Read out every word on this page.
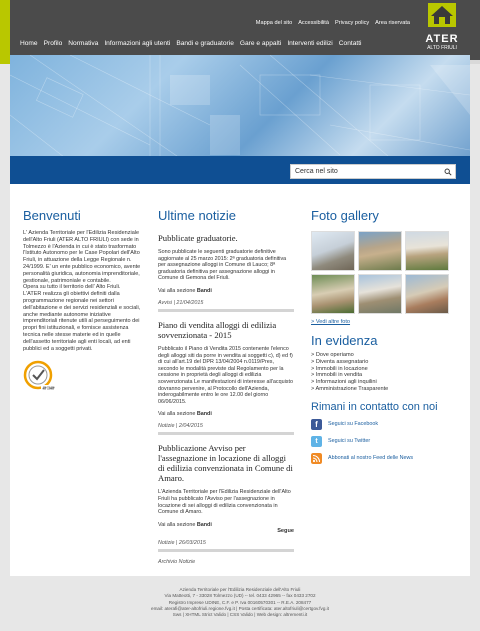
Mappa del sito Accessibilità Privacy policy Area riservata
Home Profilo Normativa Informazioni agli utenti Bandi e graduatorie Gare e appalti Interventi edilizi Contatti	ATER
ALTO FRIULI
Cerca nel sito
Benvenuti

L' Azienda Territoriale per l'Edilizia Residenziale dell'Alto Friuli (ATER ALTO FRIULI) con sede in Tolmezzo è l'Azienda in cui è stato trasformato l'Istituto Autonomo per le Case Popolari dell'Alto Friuli, in attuazione della Legge Regionale n. 24/1999. E' un ente pubblico economico, avente personalità giuridica, autonomia imprenditoriale, gestionale, patrimoniale e contabile.

Opera su tutto il territorio dell' Alto Friuli.

L'ATER realizza gli obiettivi definiti dalla programmazione regionale nei settori dell'abitazione e dei servizi residenziali e sociali, anche mediante autonome iniziative imprenditoriali ritenute utili al perseguimento dei propri fini istituzionali, e fornisce assistenza tecnica nelle stesse materie ed in quelle dell'assetto territoriale agli enti locali, ad enti pubblici ed a soggetti privati.

Ultime notizie
Pubblicate graduatorie.
Sono pubblicate le seguenti graduatorie definitive aggiornate al 25 marzo 2015: 2ª graduatoria definitiva per assegnazione alloggi in Comune di Lauco; 8ª graduatoria definitiva per assegnazione alloggi in Comune di Gemona del Friuli.
Vai alla sezione Bandi
Avvisi | 21/04/2015
Piano di vendita alloggi di edilizia sovvenzionata - 2015
Pubblicato il Piano di Vendita 2015 contenente l'elenco degli alloggi siti da porre in vendita ai soggetti c), d) ed f) di cui all'art.19 del DPR 13/04/2004 n.0119/Pres, secondo le modalità previste dal Regolamento per la cessione in proprietà degli alloggi di edilizia sovvenzionata Le manifestazioni di interesse all'acquisto dovranno pervenire, al Protocollo dell'Azienda, inderogabilmente entro le ore 12.00 del giorno 06/06/2015.
Vai alla sezione Bandi
Notizie | 2/04/2015
Pubblicazione Avviso per l'assegnazione in locazione di alloggi di edilizia convenzionata in Comune di Amaro.
L'Azienda Territoriale per l'Edilizia Residenziale dell'Alto Friuli ha pubblicato l'Avviso per l'assegnazione in locazione di sei alloggi di edilizia convenzionata in Comune di Amaro.
Vai alla sezione Bandi
Segue
Notizie | 26/03/2015
Archivio Notizie
Foto gallery
> Vedi altre foto
In evidenza
> Dove operiamo
> Diventa assegnatario
> Immobili in locazione
> Immobili in vendita
> Informazioni agli inquilini
> Amministrazione Trasparente
Rimani in contatto con noi
f	Seguici su Facebook
t	Seguici su Twitter
Abbonati al nostro Feed delle News
Azienda Territoriale per l'Edilizia Residenziale dell'Alto Friuli
Via Matteotti, 7 - 33028 Tolmezzo (UD) -- tel. 0433 42965 -- fax 0433 2702
Registro Imprese UDINE, C.F. e P. Iva 00160570301 -- R.E.A. 208477
email: aterafi@ater-altofriuli.regione.fvg.it | Posta certificata: ater.altofriuli@certgov.fvg.it
Sws | XHTML Strict Valido | CSS Valido | Web design: altrementi.it
